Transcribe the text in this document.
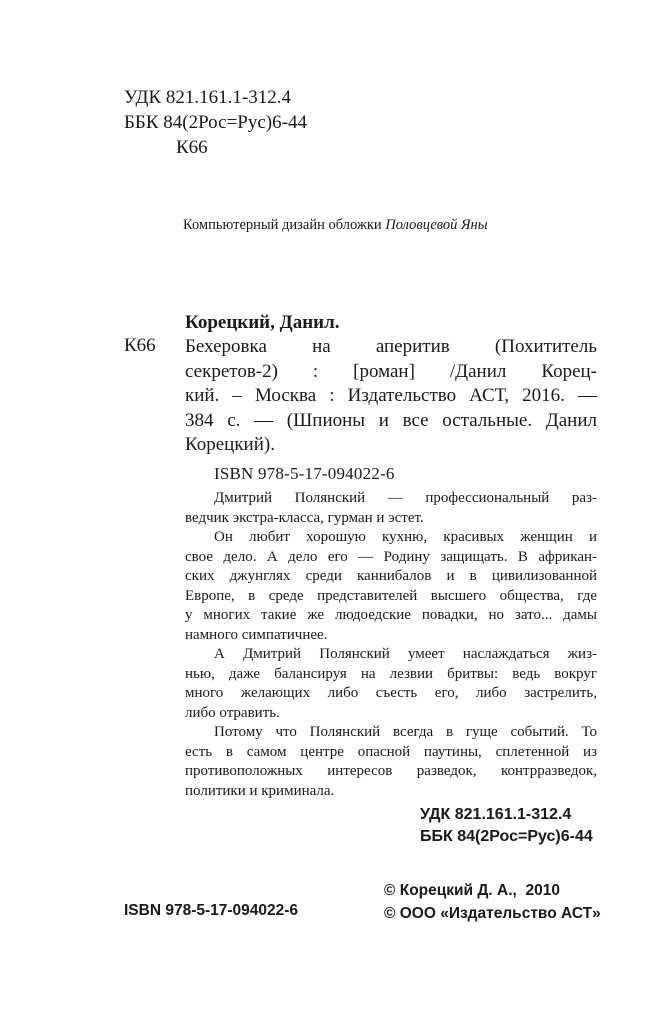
УДК 821.161.1-312.4
ББК 84(2Рос=Рус)6-44
К66
Компьютерный дизайн обложки Половцевой Яны
Корецкий, Данил.
К66 Бехеровка на аперитив (Похититель
секретов-2) : [роман] /Данил Корец-
кий. – Москва : Издательство АСТ, 2016. —
384 с. — (Шпионы и все остальные. Данил
Корецкий).
ISBN 978-5-17-094022-6
Дмитрий Полянский — профессиональный раз-
ведчик экстра-класса, гурман и эстет.
Он любит хорошую кухню, красивых женщин и
свое дело. А дело его — Родину защищать. В африкан-
ских джунглях среди каннибалов и в цивилизованной
Европе, в среде представителей высшего общества, где
у многих такие же людоедские повадки, но зато... дамы
намного симпатичнее.
А Дмитрий Полянский умеет наслаждаться жиз-
нью, даже балансируя на лезвии бритвы: ведь вокруг
много желающих либо съесть его, либо застрелить,
либо отравить.
Потому что Полянский всегда в гуще событий. То
есть в самом центре опасной паутины, сплетенной из
противоположных интересов разведок, контрразведок,
политики и криминала.
УДК 821.161.1-312.4
ББК 84(2Рос=Рус)6-44
© Корецкий Д. А.,  2010
© ООО «Издательство АСТ»
ISBN 978-5-17-094022-6
